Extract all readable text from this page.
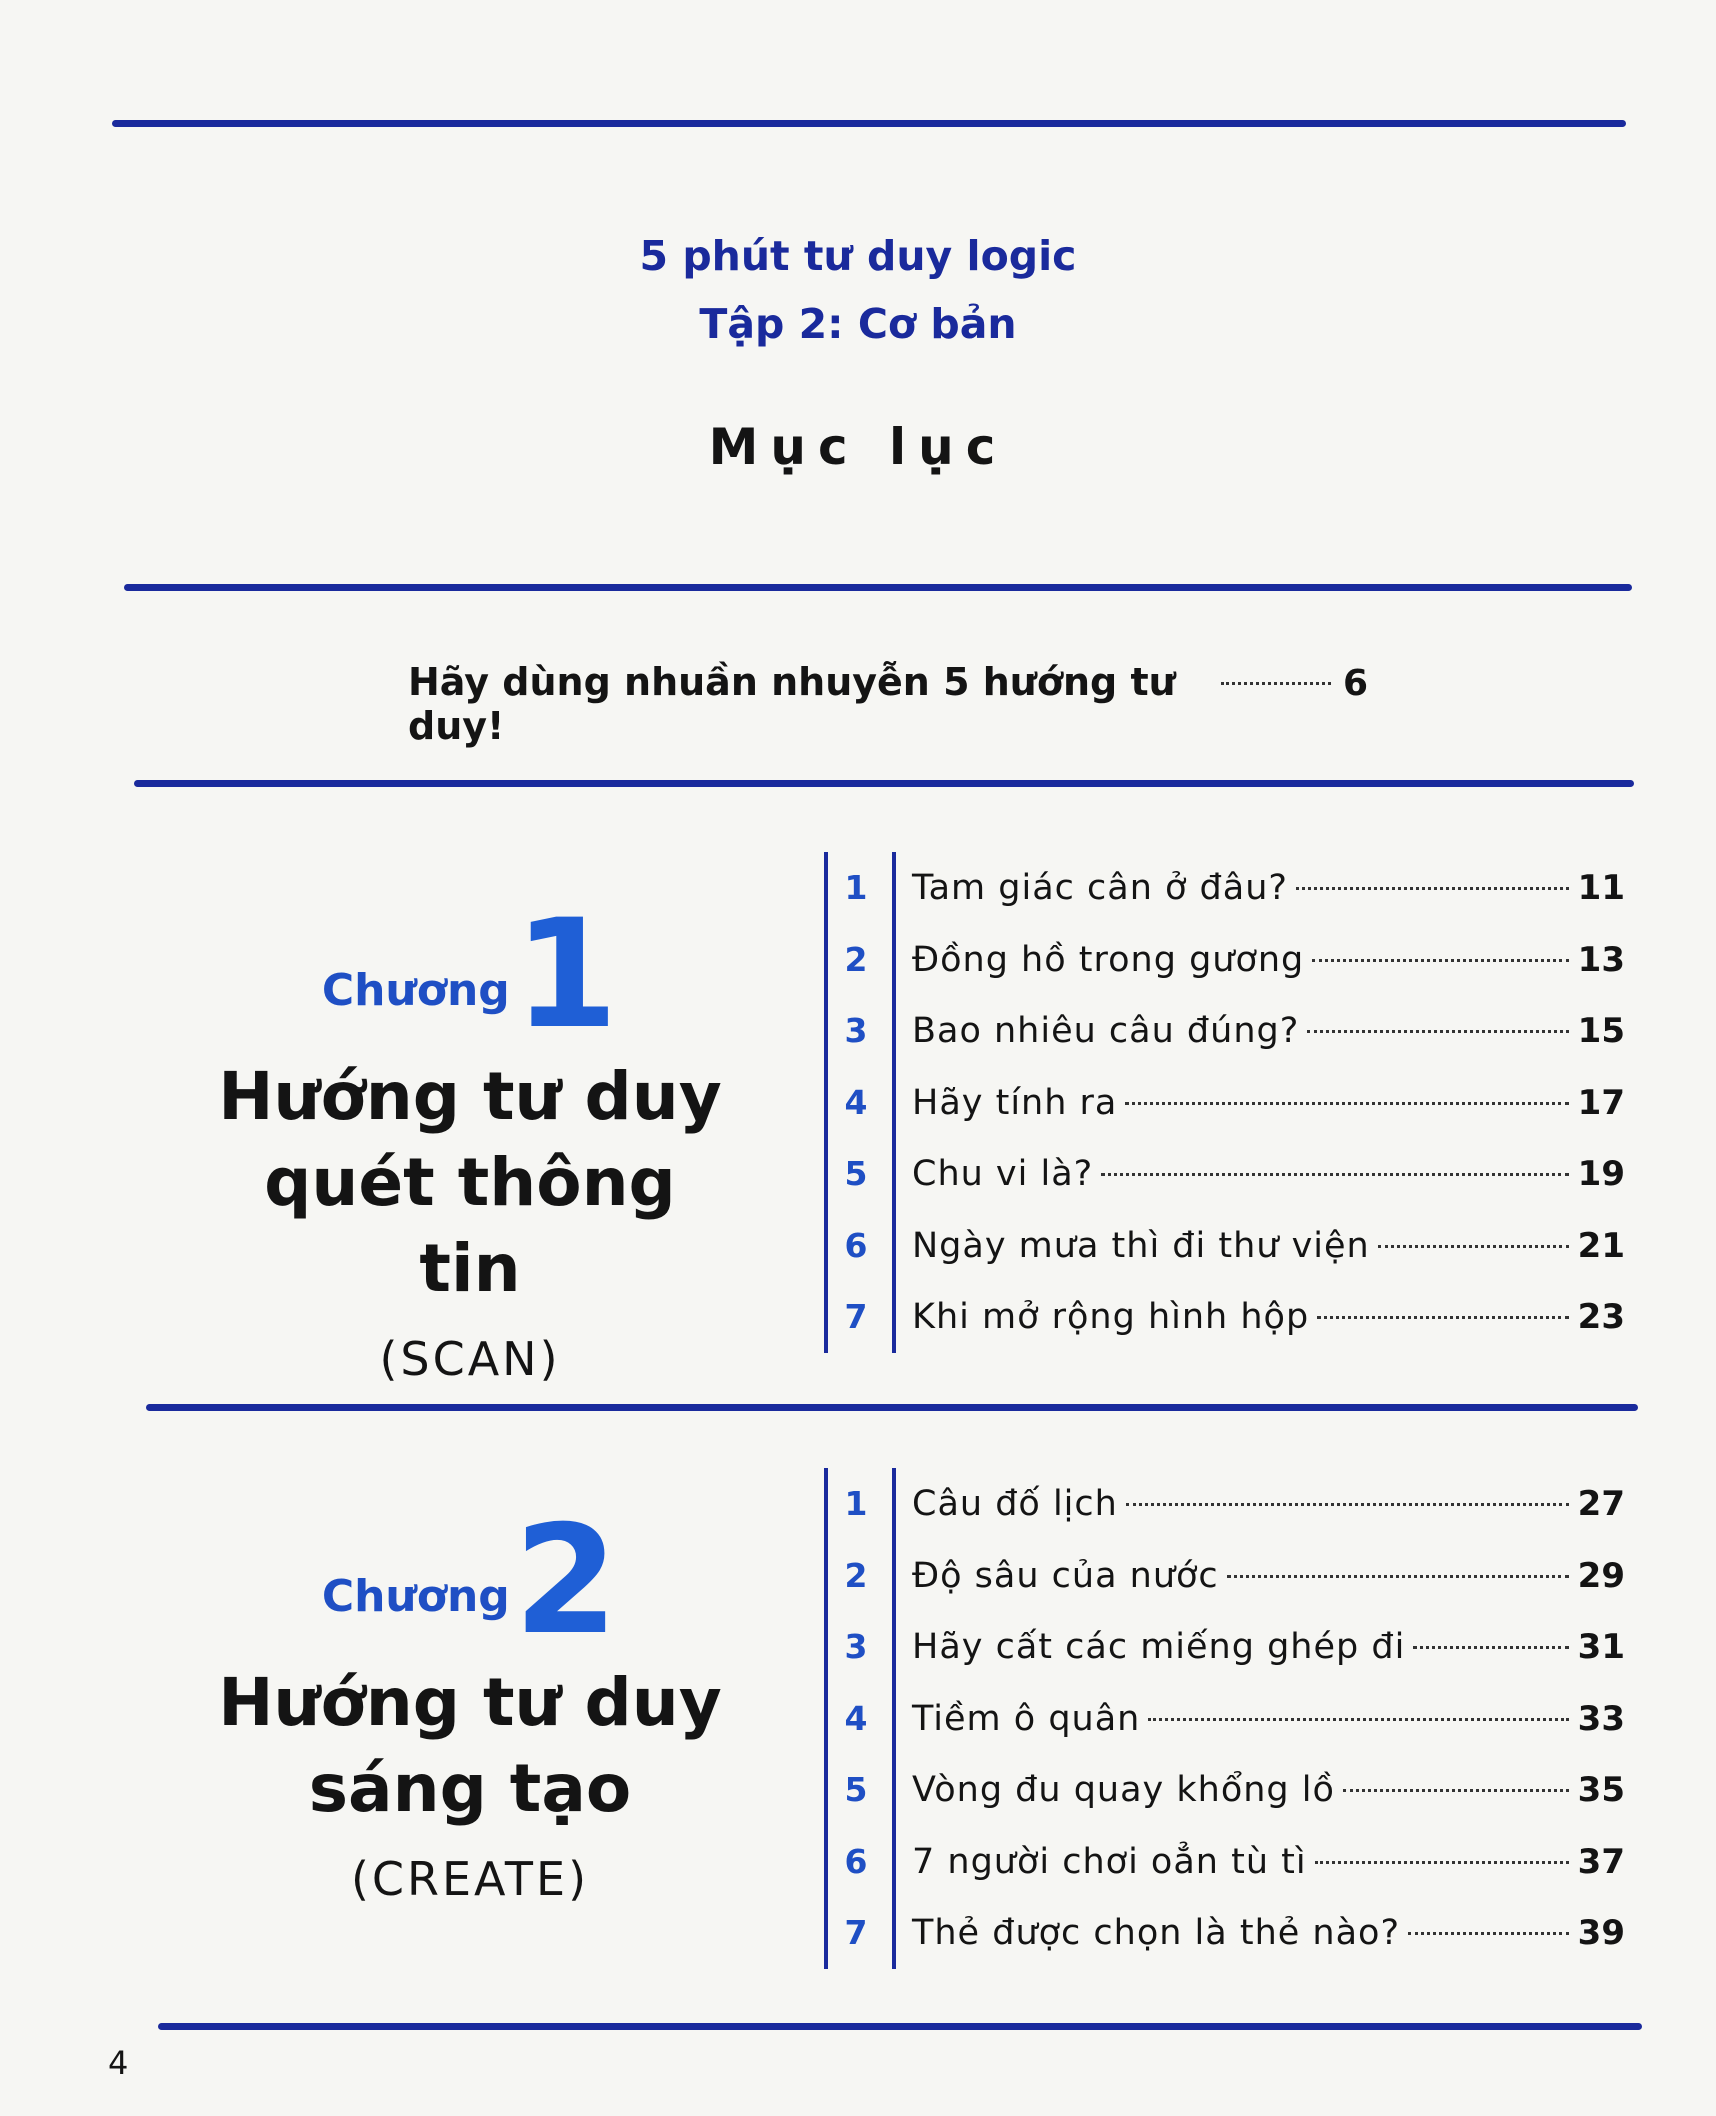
5 phút tư duy logic
Tập 2: Cơ bản
Mục lục
Hãy dùng nhuần nhuyễn 5 hướng tư duy!
6
Chương 1
Hướng tư duy
quét thông tin
(SCAN)
1	Tam giác cân ở đâu?	11
2	Đồng hồ trong gương	13
3	Bao nhiêu câu đúng?	15
4	Hãy tính ra	17
5	Chu vi là?	19
6	Ngày mưa thì đi thư viện	21
7	Khi mở rộng hình hộp	23
Chương 2
Hướng tư duy
sáng tạo
(CREATE)
1	Câu đố lịch	27
2	Độ sâu của nước	29
3	Hãy cất các miếng ghép đi	31
4	Tiềm ô quân	33
5	Vòng đu quay khổng lồ	35
6	7 người chơi oẳn tù tì	37
7	Thẻ được chọn là thẻ nào?	39
4
